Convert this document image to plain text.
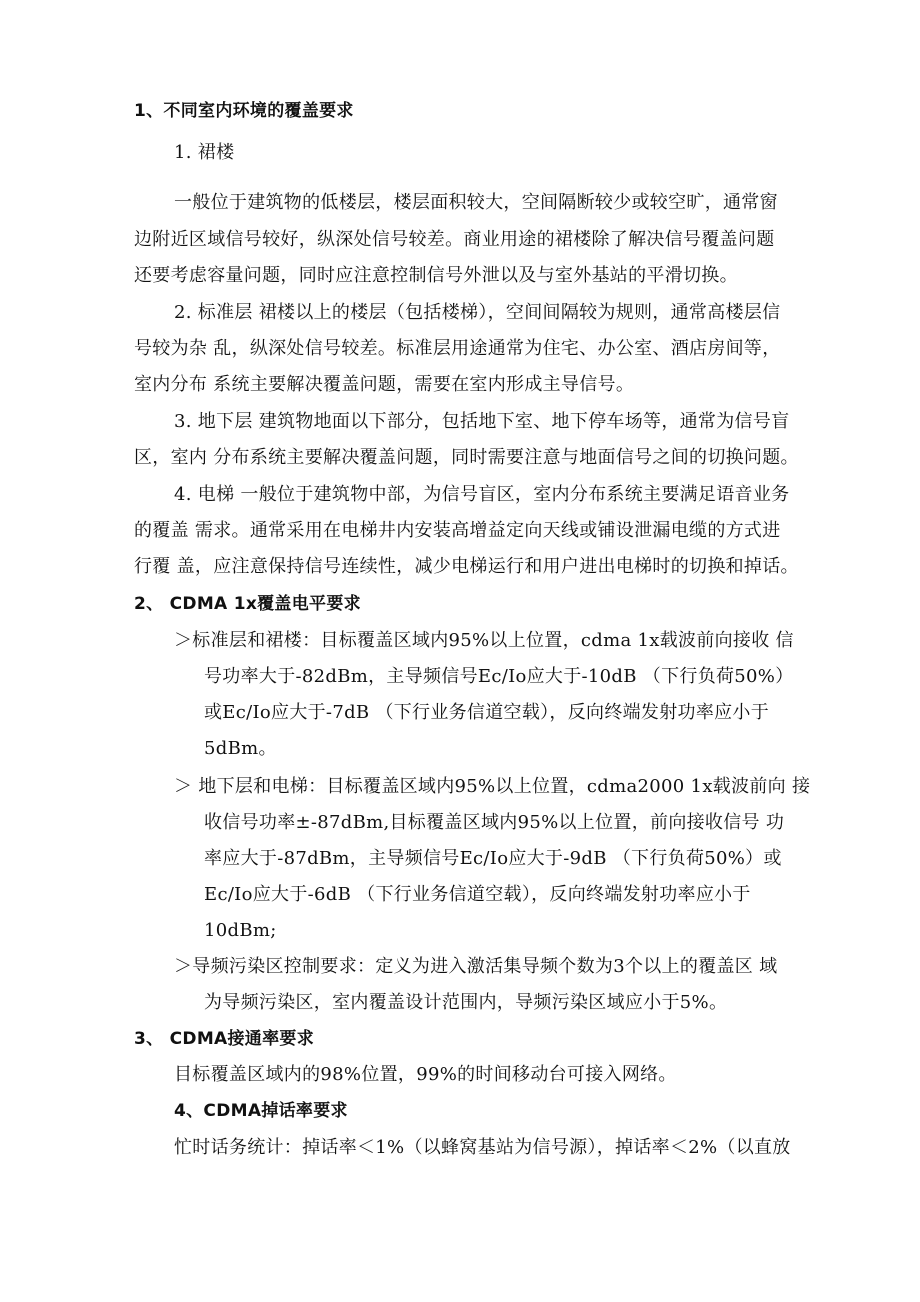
1、不同室内环境的覆盖要求
1. 裙楼
一般位于建筑物的低楼层，楼层面积较大，空间隔断较少或较空旷，通常窗
边附近区域信号较好，纵深处信号较差。商业用途的裙楼除了解决信号覆盖问题
还要考虑容量问题，同时应注意控制信号外泄以及与室外基站的平滑切换。
2. 标准层 裙楼以上的楼层（包括楼梯），空间间隔较为规则，通常高楼层信
号较为杂 乱，纵深处信号较差。标准层用途通常为住宅、办公室、酒店房间等，
室内分布 系统主要解决覆盖问题，需要在室内形成主导信号。
3. 地下层 建筑物地面以下部分，包括地下室、地下停车场等，通常为信号盲
区，室内 分布系统主要解决覆盖问题，同时需要注意与地面信号之间的切换问题。
4. 电梯 一般位于建筑物中部，为信号盲区，室内分布系统主要满足语音业务
的覆盖 需求。通常采用在电梯井内安装高增益定向天线或铺设泄漏电缆的方式进
行覆 盖，应注意保持信号连续性，减少电梯运行和用户进出电梯时的切换和掉话。
2、 CDMA 1x覆盖电平要求
＞标准层和裙楼：目标覆盖区域内95%以上位置，cdma 1x载波前向接收 信
号功率大于-82dBm，主导频信号Ec/Io应大于-10dB （下行负荷50%）
或Ec/Io应大于-7dB （下行业务信道空载），反向终端发射功率应小于
5dBm。
＞ 地下层和电梯：目标覆盖区域内95%以上位置，cdma2000 1x载波前向 接
收信号功率±-87dBm,目标覆盖区域内95%以上位置，前向接收信号 功
率应大于-87dBm，主导频信号Ec/Io应大于-9dB （下行负荷50%）或
Ec/Io应大于-6dB （下行业务信道空载），反向终端发射功率应小于
10dBm;
＞导频污染区控制要求：定义为进入激活集导频个数为3个以上的覆盖区 域
为导频污染区，室内覆盖设计范围内，导频污染区域应小于5%。
3、 CDMA接通率要求
目标覆盖区域内的98%位置，99%的时间移动台可接入网络。
4、CDMA掉话率要求
忙时话务统计：掉话率＜1%（以蜂窝基站为信号源），掉话率＜2%（以直放
